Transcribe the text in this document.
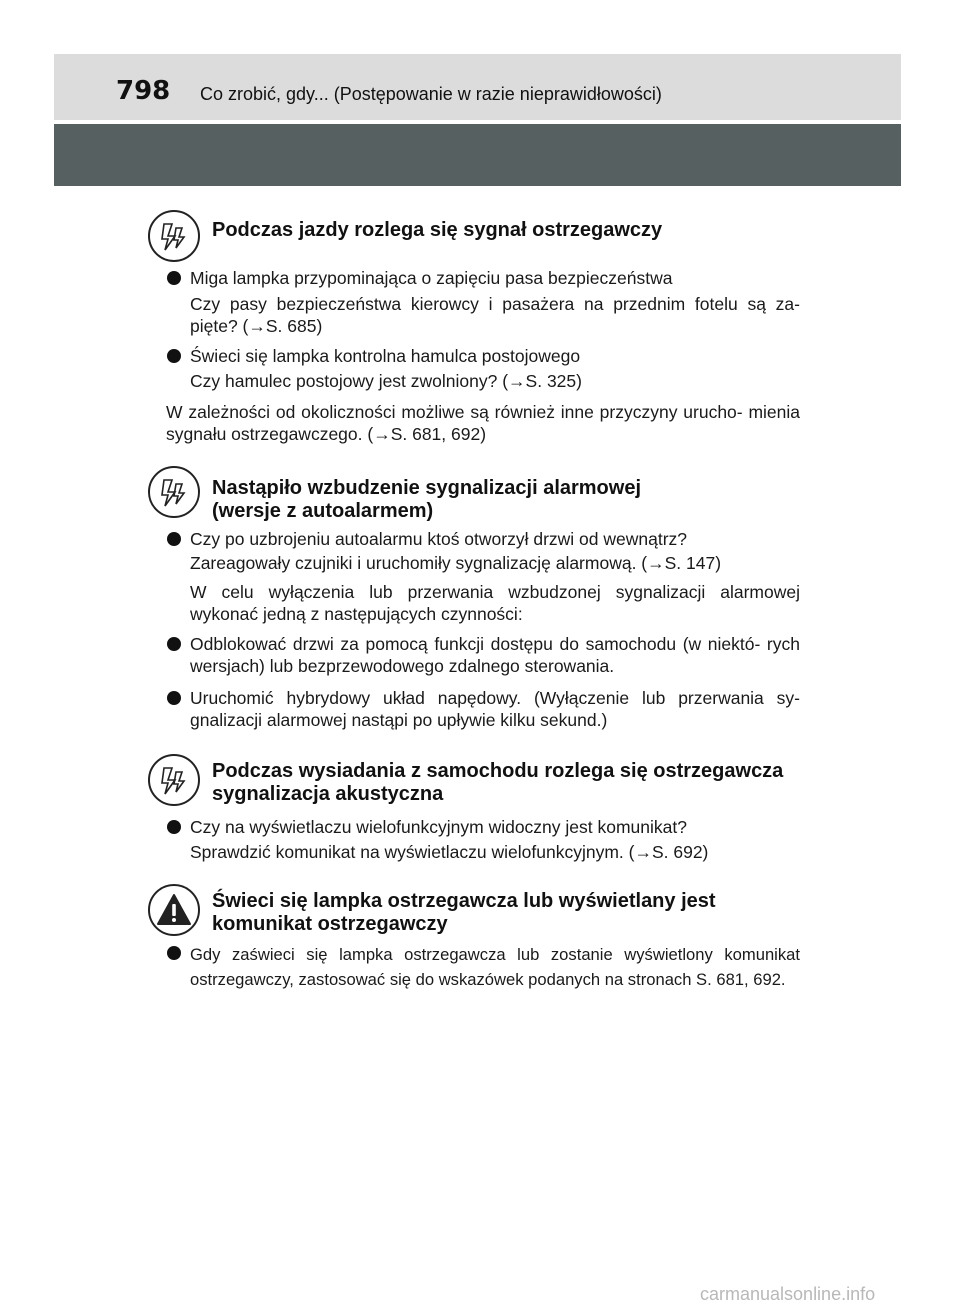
798 Co zrobić, gdy... (Postępowanie w razie nieprawidłowości)
Podczas jazdy rozlega się sygnał ostrzegawczy
Miga lampka przypominająca o zapięciu pasa bezpieczeństwa
Czy pasy bezpieczeństwa kierowcy i pasażera na przednim fotelu są za- pięte? (→S. 685)
Świeci się lampka kontrolna hamulca postojowego
Czy hamulec postojowy jest zwolniony? (→S. 325)
W zależności od okoliczności możliwe są również inne przyczyny urucho- mienia sygnału ostrzegawczego. (→S. 681, 692)
Nastąpiło wzbudzenie sygnalizacji alarmowej
(wersje z autoalarmem)
Czy po uzbrojeniu autoalarmu ktoś otworzył drzwi od wewnątrz?
Zareagowały czujniki i uruchomiły sygnalizację alarmową. (→S. 147)
W celu wyłączenia lub przerwania wzbudzonej sygnalizacji alarmowej wykonać jedną z następujących czynności:
Odblokować drzwi za pomocą funkcji dostępu do samochodu (w niektó- rych wersjach) lub bezprzewodowego zdalnego sterowania.
Uruchomić hybrydowy układ napędowy. (Wyłączenie lub przerwania sy- gnalizacji alarmowej nastąpi po upływie kilku sekund.)
Podczas wysiadania z samochodu rozlega się ostrzegawcza
sygnalizacja akustyczna
Czy na wyświetlaczu wielofunkcyjnym widoczny jest komunikat?
Sprawdzić komunikat na wyświetlaczu wielofunkcyjnym. (→S. 692)
Świeci się lampka ostrzegawcza lub wyświetlany jest
komunikat ostrzegawczy
Gdy zaświeci się lampka ostrzegawcza lub zostanie wyświetlony komunikat ostrzegawczy, zastosować się do wskazówek podanych na stronach S. 681, 692.
carmanualsonline.info
